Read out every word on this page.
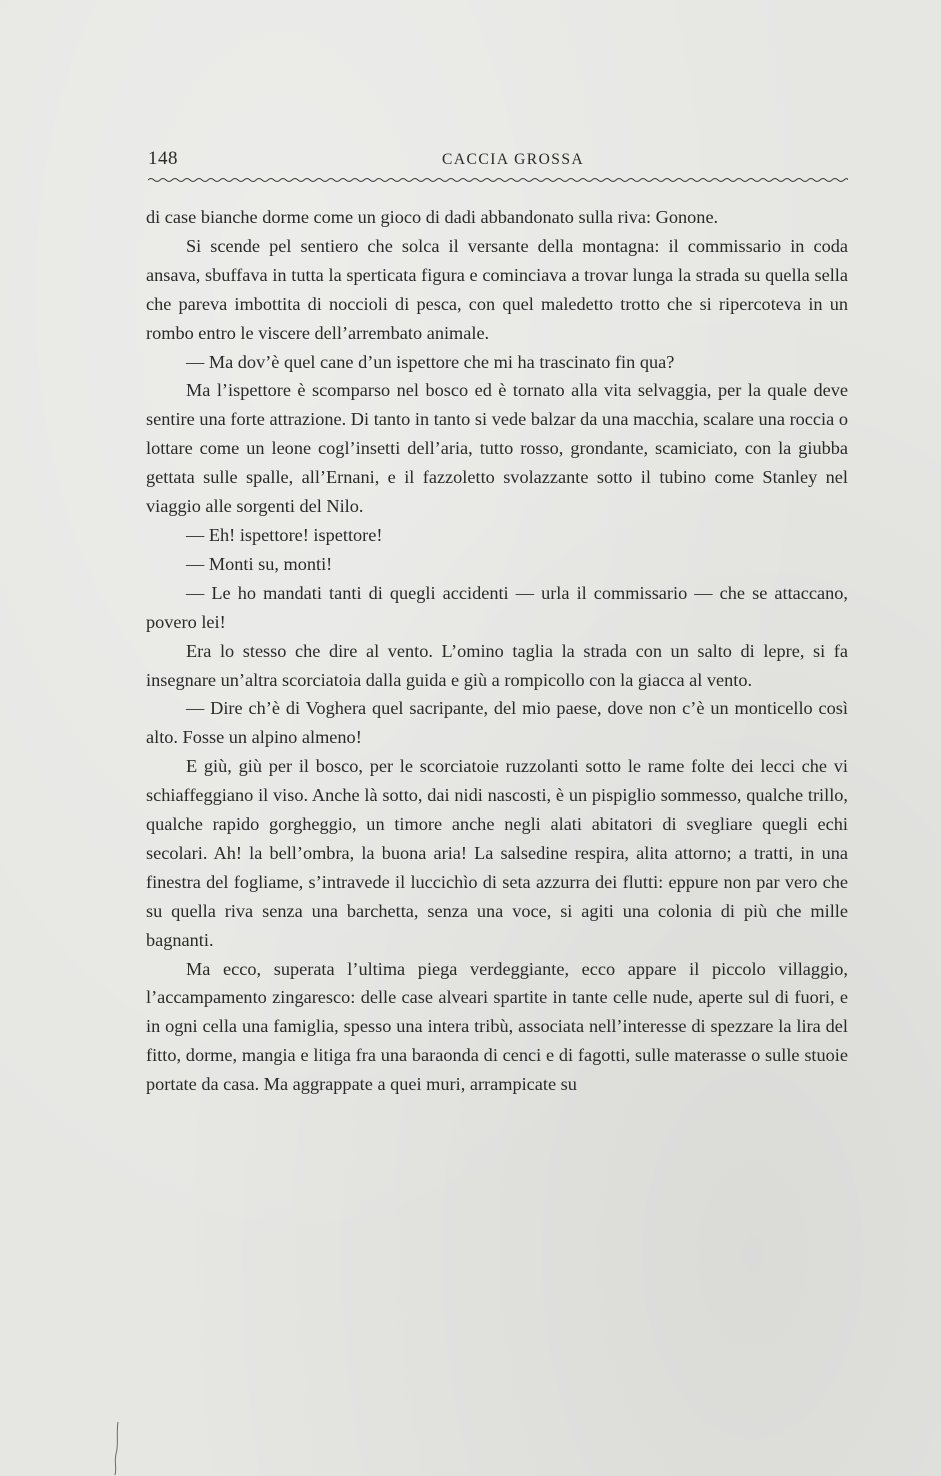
148	CACCIA GROSSA

di case bianche dorme come un gioco di dadi abbandonato sulla riva: Gonone.

Si scende pel sentiero che solca il versante della montagna: il commissario in coda ansava, sbuffava in tutta la sperticata figura e cominciava a trovar lunga la strada su quella sella che pareva imbottita di noccioli di pesca, con quel maledetto trotto che si ripercoteva in un rombo entro le viscere dell’arrembato animale.

— Ma dov’è quel cane d’un ispettore che mi ha trascinato fin qua?

Ma l’ispettore è scomparso nel bosco ed è tornato alla vita selvaggia, per la quale deve sentire una forte attrazione. Di tanto in tanto si vede balzar da una macchia, scalare una roccia o lottare come un leone cogl’insetti dell’aria, tutto rosso, grondante, scamiciato, con la giubba gettata sulle spalle, all’Ernani, e il fazzoletto svolazzante sotto il tubino come Stanley nel viaggio alle sorgenti del Nilo.

— Eh! ispettore! ispettore!

— Monti su, monti!

— Le ho mandati tanti di quegli accidenti — urla il commissario — che se attaccano, povero lei!

Era lo stesso che dire al vento. L’omino taglia la strada con un salto di lepre, si fa insegnare un’altra scorciatoia dalla guida e giù a rompicollo con la giacca al vento.

— Dire ch’è di Voghera quel sacripante, del mio paese, dove non c’è un monticello così alto. Fosse un alpino almeno!

E giù, giù per il bosco, per le scorciatoie ruzzolanti sotto le rame folte dei lecci che vi schiaffeggiano il viso. Anche là sotto, dai nidi nascosti, è un pispiglio sommesso, qualche trillo, qualche rapido gorgheggio, un timore anche negli alati abitatori di svegliare quegli echi secolari. Ah! la bell’ombra, la buona aria! La salsedine respira, alita attorno; a tratti, in una finestra del fogliame, s’intravede il luccichìo di seta azzurra dei flutti: eppure non par vero che su quella riva senza una barchetta, senza una voce, si agiti una colonia di più che mille bagnanti.

Ma ecco, superata l’ultima piega verdeggiante, ecco appare il piccolo villaggio, l’accampamento zingaresco: delle case alveari spartite in tante celle nude, aperte sul di fuori, e in ogni cella una famiglia, spesso una intera tribù, associata nell’interesse di spezzare la lira del fitto, dorme, mangia e litiga fra una baraonda di cenci e di fagotti, sulle materasse o sulle stuoie portate da casa. Ma aggrappate a quei muri, arrampicate su
